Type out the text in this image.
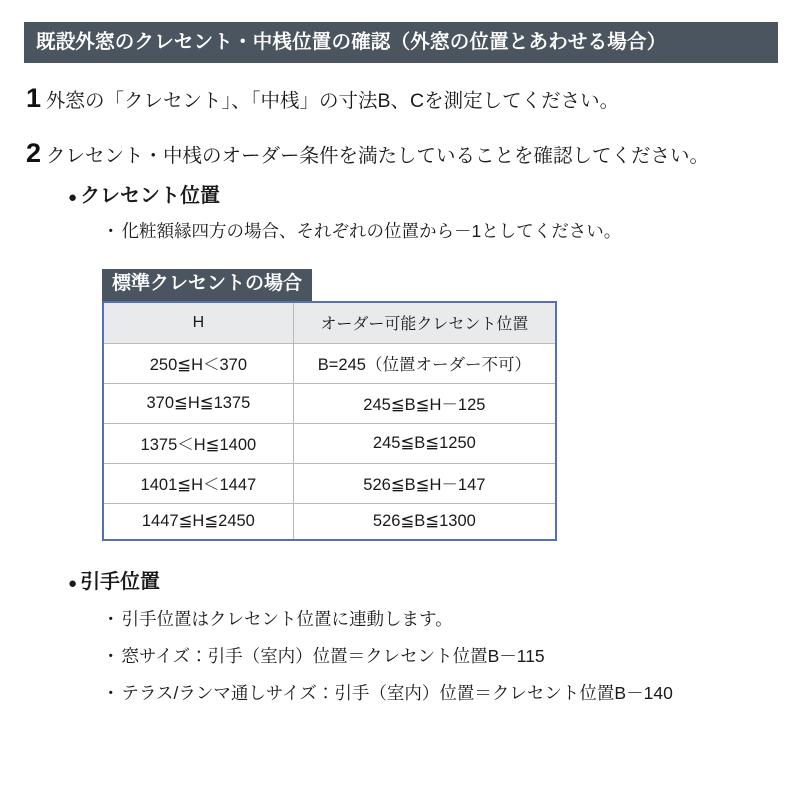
既設外窓のクレセント・中桟位置の確認（外窓の位置とあわせる場合）
1 外窓の「クレセント」、「中桟」の寸法B、Cを測定してください。
2 クレセント・中桟のオーダー条件を満たしていることを確認してください。
● クレセント位置
・ 化粧額縁四方の場合、それぞれの位置から－1としてください。
標準クレセントの場合
H	オーダー可能クレセント位置
250≦H＜370	B=245（位置オーダー不可）
370≦H≦1375	245≦B≦H－125
1375＜H≦1400	245≦B≦1250
1401≦H＜1447	526≦B≦H－147
1447≦H≦2450	526≦B≦1300
● 引手位置
・ 引手位置はクレセント位置に連動します。
・ 窓サイズ：引手（室内）位置＝クレセント位置B－115
・ テラス/ランマ通しサイズ：引手（室内）位置＝クレセント位置B－140
